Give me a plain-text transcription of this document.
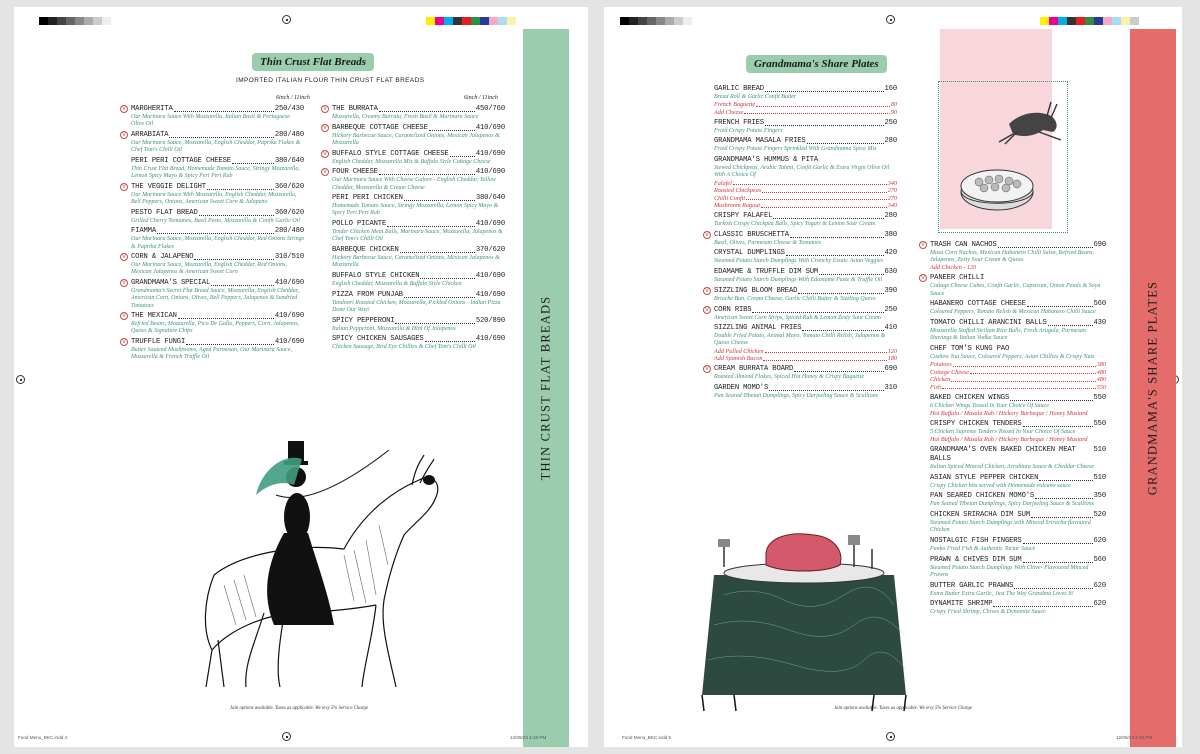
THIN CRUST FLAT BREADS
Thin Crust Flat Breads
IMPORTED ITALIAN FLOUR THIN CRUST FLAT BREADS
6inch / 11inch	6inch / 11inch
V MARGHERITA	250/430
Our Marinara Sauce With Mozzarella, Italian Basil & Portuguese Olive Oil
V ARRABIATA	280/480
Our Marinara Sauce, Mozzarella, English Cheddar, Paprika Flakes & Chef Tom's Chilli Oil
PERI PERI COTTAGE CHEESE	380/640
Thin Crust Flat Bread, Homemade Tomato Sauce, Stringy Mozzarella, Lemon Spicy Mayo & Spicy Peri Peri Rub
V THE VEGGIE DELIGHT	360/620
Our Marinara Sauce With Mozzarella, English Cheddar, Mozzarella, Bell Peppers, Onions, American Sweet Corn & Jalapeno
PESTO FLAT BREAD	360/620
Grilled Cherry Tomatoes, Basil Pesto, Mozzarella & Confit Garlic Oil
FIAMMA	280/480
Our Marinara Sauce, Mozzarella, English Cheddar, Red Onions Strings & Paprika Flakes
V CORN & JALAPENO	310/510
Our Marinara Sauce, Mozzarella, English Cheddar, Red Onions, Mexican Jalapenos & American Sweet Corn
V GRANDMAMA'S SPECIAL	410/690
Grandmama's Secret Flat Bread Sauce, Mozzarella, English Cheddar, American Corn, Onions, Olives, Bell Peppers, Jalapenos & Sundried Tomatoes
V THE MEXICAN	410/690
Refried Beans, Mozzarella, Pico De Gallo, Peppers, Corn, Jalapenos, Queso & Signature Chips
V TRUFFLE FUNGI	410/690
Butter Sauteed Mushrooms, Aged Parmesan, Our Marinara Sauce, Mozzarella & French Truffle Oil
V THE BURRATA	450/760
Mozzarella, Creamy Burrata, Fresh Basil & Marinara Sauce
V BARBEQUE COTTAGE CHEESE	410/690
Hickory Barbecue Sauce, Caramelized Onions, Mexican Jalapenos & Mozzarella
V BUFFALO STYLE COTTAGE CHEESE	410/690
English Cheddar, Mozzarella Mix & Buffalo Style Cottage Cheese
V FOUR CHEESE	410/690
Our Marinara Sauce With Cheese Galore - English Cheddar, Yellow Cheddar, Mozzarella & Cream Cheese
PERI PERI CHICKEN	380/640
Homemade Tomato Sauce, Stringy Mozzarella, Lemon Spicy Mayo & Spicy Peri Peri Rub
POLLO PICANTE	410/690
Tender Chicken Meat Balls, Marinara Sauce, Mozzarella, Jalapenos & Chef Tom's Chilli Oil
BARBEQUE CHICKEN	370/620
Hickory Barbecue Sauce, Caramelized Onions, Mexican Jalapenos & Mozzarella
BUFFALO STYLE CHICKEN	410/690
English Cheddar, Mozzarella & Buffalo Style Chicken
PIZZA FROM PUNJAB	410/690
Tandoori Roasted Chicken, Mozzarella, Pickled Onions - Indian Pizza Done Our Way!
SPICY PEPPERONI	520/890
Italian Pepperoni, Mozzarella & Hint Of Jalapenos
SPICY CHICKEN SAUSAGES	410/690
Chicken Sausage, Bird Eye Chillies & Chef Tom's Chilli Oil
Jain options available. Taxes as applicable. We levy 5% Service Charge
Food Menu_BKC.indd 4	12/08/23 4:16 PM
GRANDMAMA'S SHARE PLATES
Grandmama's Share Plates
GARLIC BREAD	160
Bread Roll & Garlic Confit Butter
French Baguette	80
Add Cheese	90
FRENCH FRIES	250
Fried Crispy Potato Fingers
GRANDMAMA MASALA FRIES	280
Fried Crispy Potato Fingers Sprinkled With Grandmama Spice Mix
GRANDMAMA'S HUMMUS & PITA
Stewed Chickpeas, Arabic Tahini, Confit Garlic & Extra Virgin Olive Oil With A Choice Of
Falafel	340
Roasted Chickpeas	270
Chilli Confit	270
Mushroom Ragout	340
CRISPY FALAFEL	280
Turkish Crispy Chickpea Balls, Spicy Yogurt & Lemon Sour Cream
V CLASSIC BRUSCHETTA	380
Basil, Olives, Parmesan Cheese & Tomatoes
CRYSTAL DUMPLINGS	420
Steamed Potato Starch Dumplings With Crunchy Exotic Asian Veggies
EDAMAME & TRUFFLE DIM SUM	630
Steamed Potato Starch Dumplings With Edamame Paste & Truffle Oil
V SIZZLING BLOOM BREAD	390
Brioche Bun, Cream Cheese, Garlic Chilli Butter & Sizzling Queso
V CORN RIBS	250
American Sweet Corn Strips, Spiced Rub & Lemon Zesty Sour Cream
SIZZLING ANIMAL FRIES	410
Double Fried Potato, Animal Mayo, Tomato Chilli Relish, Jalapenos & Queso Cheese
Add Pulled Chicken	120
Add Spanish Bacon	180
V CREAM BURRATA BOARD	690
Roasted Almond Flakes, Spiced Hot Honey & Crispy Baguette
GARDEN MOMO'S	310
Pan Seared Tibetan Dumplings, Spicy Darjeeling Sauce & Scallions
V TRASH CAN NACHOS	690
Masa Corn Nachos, Mexican Habanero Chilli Salsa, Refried Beans, Jalapenos, Zesty Sour Cream & Queso
Add Chicken - 120
V PANEER CHILLI
Cottage Cheese Cubes, Confit Garlic, Capsicum, Onion Petals & Soya Sauce
HABANERO COTTAGE CHEESE	560
Coloured Peppers, Tomato Relish & Mexican Habanero Chilli Sauce
TOMATO CHILLI ARANCINI BALLS	430
Mozzarella Stuffed Sicilian Rice Balls, Fresh Arugula, Parmesan Shavings & Italian Vodka Sauce
CHEF TOM'S KUNG PAO
Cashew Nut Sauce, Coloured Peppers, Asian Chillies & Crispy Nuts
Potatoes	380
Cottage Cheese	480
Chicken	480
Fish	550
BAKED CHICKEN WINGS	550
6 Chicken Wings Tossed In Your Choice Of Sauce
Hot Buffalo / Masala Rub / Hickory Barbeque / Honey Mustard
CRISPY CHICKEN TENDERS	550
5 Chicken Supreme Tenders Tossed In Your Choice Of Sauce
Hot Buffalo / Masala Rub / Hickory Barbeque / Honey Mustard
GRANDMAMA'S OVEN BAKED CHICKEN MEAT BALLS
510
Italian Spiced Minced Chicken, Arrabiata Sauce & Cheddar Cheese
ASIAN STYLE PEPPER CHICKEN	510
Crispy Chicken bits served with Homemade volcano sauce
PAN SEARED CHICKEN MOMO'S	350
Pan Seared Tibetan Dumplings, Spicy Darjeeling Sauce & Scallions
CHICKEN SRIRACHA DIM SUM	520
Steamed Potato Starch Dumplings with Minced Sriracha flavoured Chicken
NOSTALGIC FISH FINGERS	620
Panko Fried Fish & Authentic Tartar Sauce
PRAWN & CHIVES DIM SUM	560
Steamed Potato Starch Dumplings With Chive- Flavoured Minced Prawns
BUTTER GARLIC PRAWNS	620
Extra Butter Extra Garlic, Just The Way Grandma Loves It!
DYNAMITE SHRIMP	620
Crispy Fried Shrimp, Chives & Dynamite Sauce
Jain options available. Taxes as applicable. We levy 5% Service Charge
Food Menu_BKC.indd 5	12/08/23 4:16 PM
